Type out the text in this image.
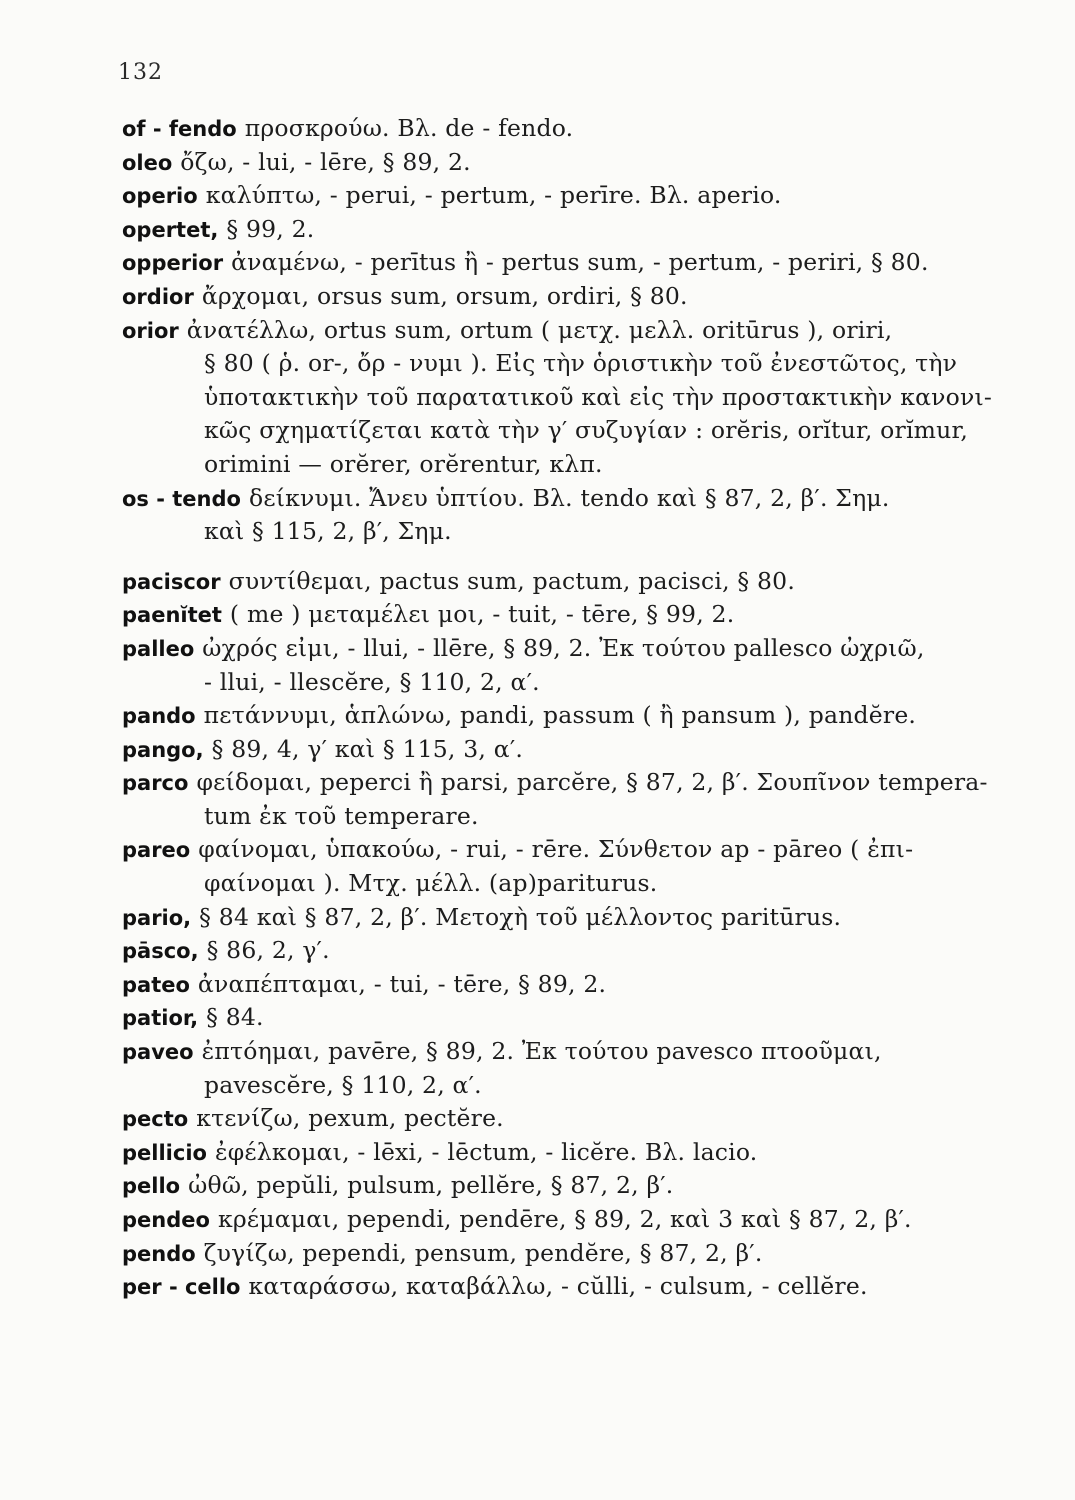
132
of - fendo προσκρούω. Βλ. de - fendo.
oleo ὄζω, - lui, - lēre, § 89, 2.
operio καλύπτω, - perui, - pertum, - perīre. Βλ. aperio.
opertet, § 99, 2.
opperior ἀναμένω, - perītus ἢ - pertus sum, - pertum, - periri, § 80.
ordior ἄρχομαι, orsus sum, orsum, ordiri, § 80.
orior ἀνατέλλω, ortus sum, ortum ( μετχ. μελλ. oritūrus ), oriri,
§ 80 ( ῥ. or-, ὄρ - νυμι ). Εἰς τὴν ὁριστικὴν τοῦ ἐνεστῶτος, τὴν
ὑποτακτικὴν τοῦ παρατατικοῦ καὶ εἰς τὴν προστακτικὴν κανονι-
κῶς σχηματίζεται κατὰ τὴν γ′ συζυγίαν : orĕris, orĭtur, orĭmur,
orimini — orĕrer, orĕrentur, κλπ.
os - tendo δείκνυμι. Ἄνευ ὑπτίου. Βλ. tendo καὶ § 87, 2, β′. Σημ.
καὶ § 115, 2, β′, Σημ.
paciscor συντίθεμαι, pactus sum, pactum, pacisci, § 80.
paenĭtet ( me ) μεταμέλει μοι, - tuit, - tēre, § 99, 2.
palleo ὠχρός εἰμι, - llui, - llēre, § 89, 2. Ἐκ τούτου pallesco ὠχριῶ,
- llui, - llescĕre, § 110, 2, α′.
pando πετάννυμι, ἁπλώνω, pandi, passum ( ἢ pansum ), pandĕre.
pango, § 89, 4, γ′ καὶ § 115, 3, α′.
parco φείδομαι, peperci ἢ parsi, parcĕre, § 87, 2, β′. Σουπῖνον tempera-
tum ἐκ τοῦ temperare.
pareo φαίνομαι, ὑπακούω, - rui, - rēre. Σύνθετον ap - pāreo ( ἐπι-
φαίνομαι ). Μτχ. μέλλ. (ap)pariturus.
pario, § 84 καὶ § 87, 2, β′. Μετοχὴ τοῦ μέλλοντος paritūrus.
pāsco, § 86, 2, γ′.
pateo ἀναπέπταμαι, - tui, - tēre, § 89, 2.
patior, § 84.
paveo ἐπτόημαι, pavēre, § 89, 2. Ἐκ τούτου pavesco πτοοῦμαι,
pavescĕre, § 110, 2, α′.
pecto κτενίζω, pexum, pectĕre.
pellicio ἐφέλκομαι, - lēxi, - lēctum, - licĕre. Βλ. lacio.
pello ὠθῶ, pepŭli, pulsum, pellĕre, § 87, 2, β′.
pendeo κρέμαμαι, pependi, pendēre, § 89, 2, καὶ 3 καὶ § 87, 2, β′.
pendo ζυγίζω, pependi, pensum, pendĕre, § 87, 2, β′.
per - cello καταράσσω, καταβάλλω, - cŭlli, - culsum, - cellĕre.
